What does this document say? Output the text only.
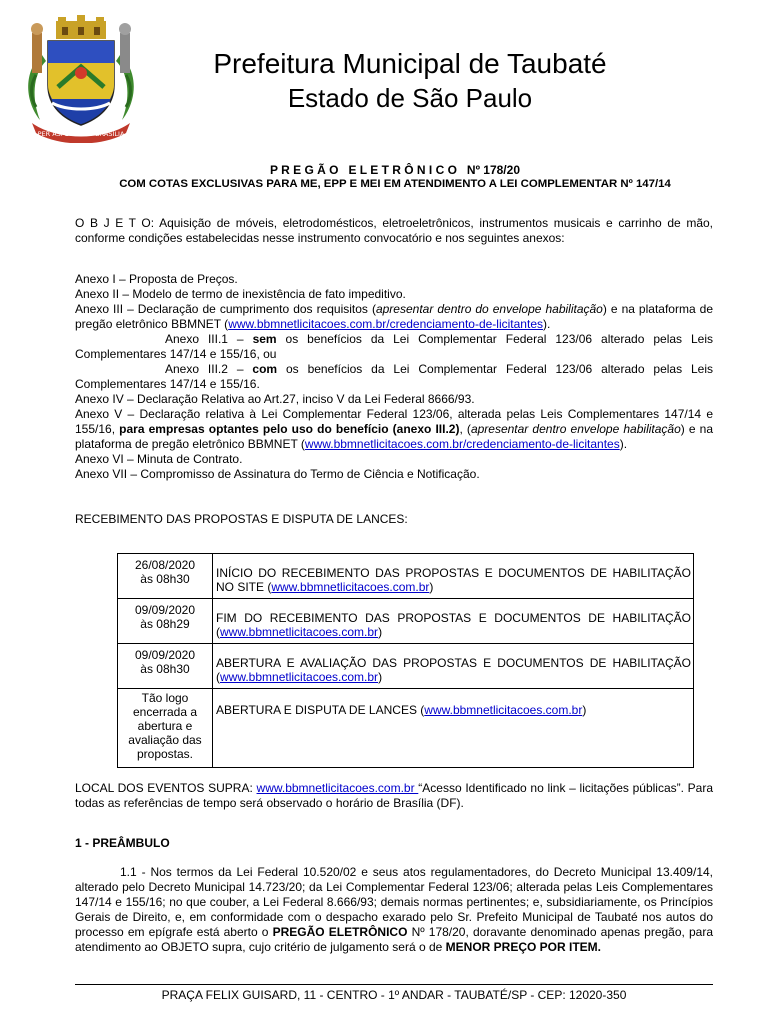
PER ASPERA PRO BRASILIA
Prefeitura Municipal de Taubaté
Estado de São Paulo
P R E G Ã O   E L E T R Ô N I C O   Nº 178/20
COM COTAS EXCLUSIVAS PARA ME, EPP E MEI EM ATENDIMENTO A LEI COMPLEMENTAR Nº 147/14
O B J E T O: Aquisição de móveis, eletrodomésticos, eletroeletrônicos, instrumentos musicais e carrinho de mão, conforme condições estabelecidas nesse instrumento convocatório e nos seguintes anexos:
Anexo I – Proposta de Preços.
Anexo II – Modelo de termo de inexistência de fato impeditivo.
Anexo III – Declaração de cumprimento dos requisitos (apresentar dentro do envelope habilitação) e na plataforma de pregão eletrônico BBMNET (www.bbmnetlicitacoes.com.br/credenciamento-de-licitantes).
Anexo III.1 – sem os benefícios da Lei Complementar Federal 123/06 alterado pelas Leis Complementares 147/14 e 155/16, ou
Anexo III.2 – com os benefícios da Lei Complementar Federal 123/06 alterado pelas Leis Complementares 147/14 e 155/16.
Anexo IV – Declaração Relativa ao Art.27, inciso V da Lei Federal 8666/93.
Anexo V – Declaração relativa à Lei Complementar Federal 123/06, alterada pelas Leis Complementares 147/14 e 155/16, para empresas optantes pelo uso do benefício (anexo III.2), (apresentar dentro envelope habilitação) e na plataforma de pregão eletrônico BBMNET (www.bbmnetlicitacoes.com.br/credenciamento-de-licitantes).
Anexo VI – Minuta de Contrato.
Anexo VII – Compromisso de Assinatura do Termo de Ciência e Notificação.
RECEBIMENTO DAS PROPOSTAS E DISPUTA DE LANCES:
26/08/2020
às 08h30	INÍCIO DO RECEBIMENTO DAS PROPOSTAS E DOCUMENTOS DE HABILITAÇÃO NO SITE (www.bbmnetlicitacoes.com.br)

09/09/2020
às 08h29	FIM DO RECEBIMENTO DAS PROPOSTAS E DOCUMENTOS DE HABILITAÇÃO (www.bbmnetlicitacoes.com.br)

09/09/2020
às 08h30	ABERTURA E AVALIAÇÃO DAS PROPOSTAS E DOCUMENTOS DE HABILITAÇÃO (www.bbmnetlicitacoes.com.br)

Tão logo encerrada a abertura e avaliação das propostas.	ABERTURA E DISPUTA DE LANCES (www.bbmnetlicitacoes.com.br)
LOCAL DOS EVENTOS SUPRA: www.bbmnetlicitacoes.com.br “Acesso Identificado no link – licitações públicas”. Para todas as referências de tempo será observado o horário de Brasília (DF).
1 - PREÂMBULO
1.1 - Nos termos da Lei Federal 10.520/02 e seus atos regulamentadores, do Decreto Municipal 13.409/14, alterado pelo Decreto Municipal 14.723/20; da Lei Complementar Federal 123/06; alterada pelas Leis Complementares 147/14 e 155/16; no que couber, a Lei Federal 8.666/93; demais normas pertinentes; e, subsidiariamente, os Princípios Gerais de Direito, e, em conformidade com o despacho exarado pelo Sr. Prefeito Municipal de Taubaté nos autos do processo em epígrafe está aberto o PREGÃO ELETRÔNICO Nº 178/20, doravante denominado apenas pregão, para atendimento ao OBJETO supra, cujo critério de julgamento será o de MENOR PREÇO POR ITEM.
PRAÇA FELIX GUISARD, 11 - CENTRO - 1º ANDAR - TAUBATÉ/SP - CEP: 12020-350
